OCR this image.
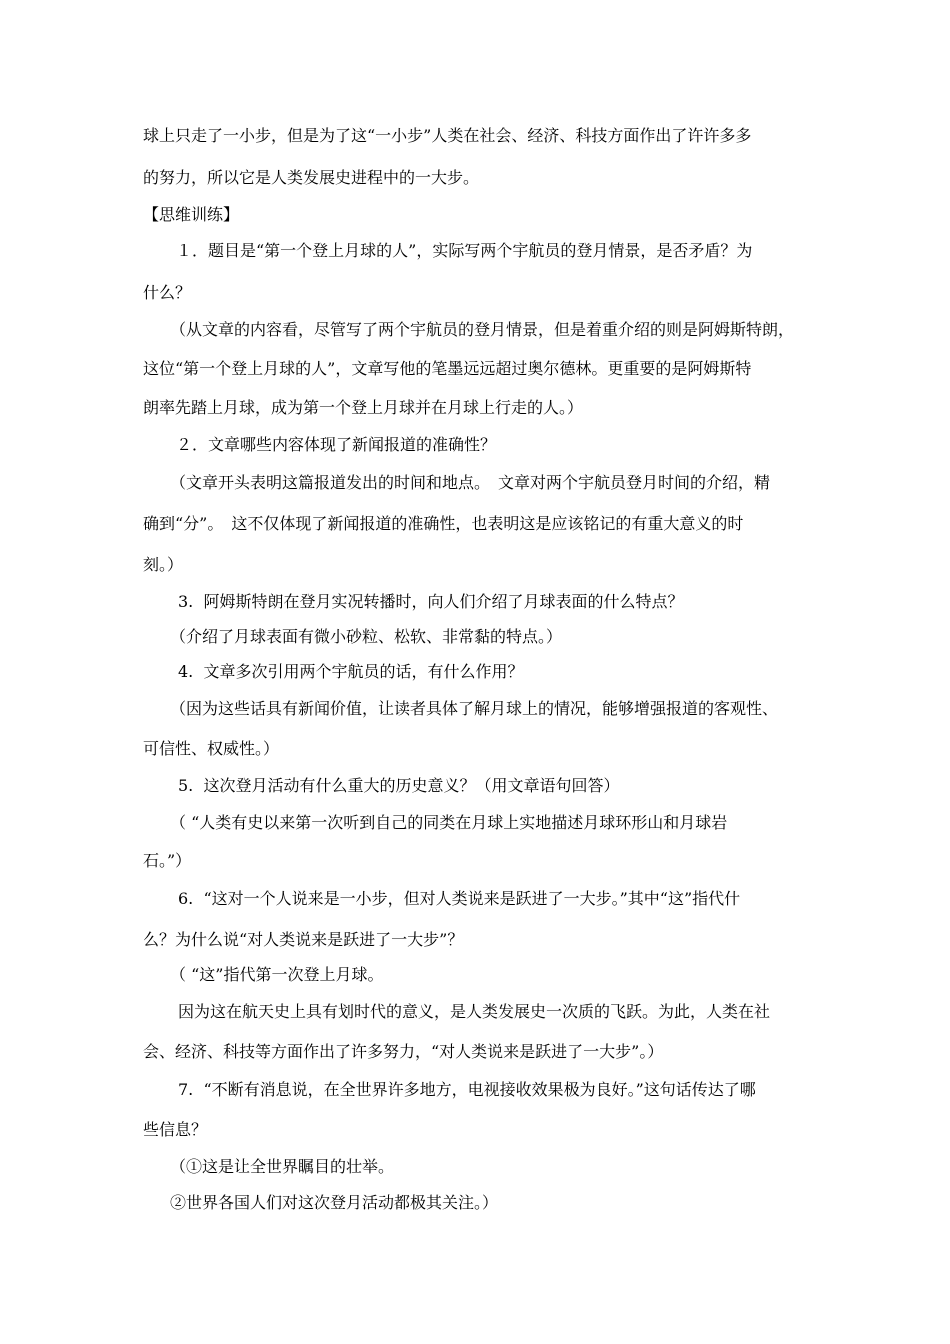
球上只走了一小步，但是为了这“一小步”人类在社会、经济、科技方面作出了许许多多
的努力，所以它是人类发展史进程中的一大步。
【思维训练】
１．题目是“第一个登上月球的人”，实际写两个宇航员的登月情景，是否矛盾？为
什么？
（从文章的内容看，尽管写了两个宇航员的登月情景，但是着重介绍的则是阿姆斯特朗，
这位“第一个登上月球的人”，文章写他的笔墨远远超过奥尔德林。更重要的是阿姆斯特
朗率先踏上月球，成为第一个登上月球并在月球上行走的人。）
２．文章哪些内容体现了新闻报道的准确性？
（文章开头表明这篇报道发出的时间和地点。　文章对两个宇航员登月时间的介绍，精
确到“分”。　这不仅体现了新闻报道的准确性，也表明这是应该铭记的有重大意义的时
刻。）
3.  阿姆斯特朗在登月实况转播时，向人们介绍了月球表面的什么特点？
（介绍了月球表面有微小砂粒、松软、非常黏的特点。）
4.  文章多次引用两个宇航员的话，有什么作用？
（因为这些话具有新闻价值，让读者具体了解月球上的情况，能够增强报道的客观性、
可信性、权威性。）
5.  这次登月活动有什么重大的历史意义？（用文章语句回答）
（ “人类有史以来第一次听到自己的同类在月球上实地描述月球环形山和月球岩
石。”）
6.  “这对一个人说来是一小步，但对人类说来是跃进了一大步。”其中“这”指代什
么？为什么说“对人类说来是跃进了一大步”？
（ “这”指代第一次登上月球。
因为这在航天史上具有划时代的意义，是人类发展史一次质的飞跃。为此，人类在社
会、经济、科技等方面作出了许多努力，“对人类说来是跃进了一大步”。）
7.  “不断有消息说，在全世界许多地方，电视接收效果极为良好。”这句话传达了哪
些信息？
（①这是让全世界瞩目的壮举。
②世界各国人们对这次登月活动都极其关注。）
